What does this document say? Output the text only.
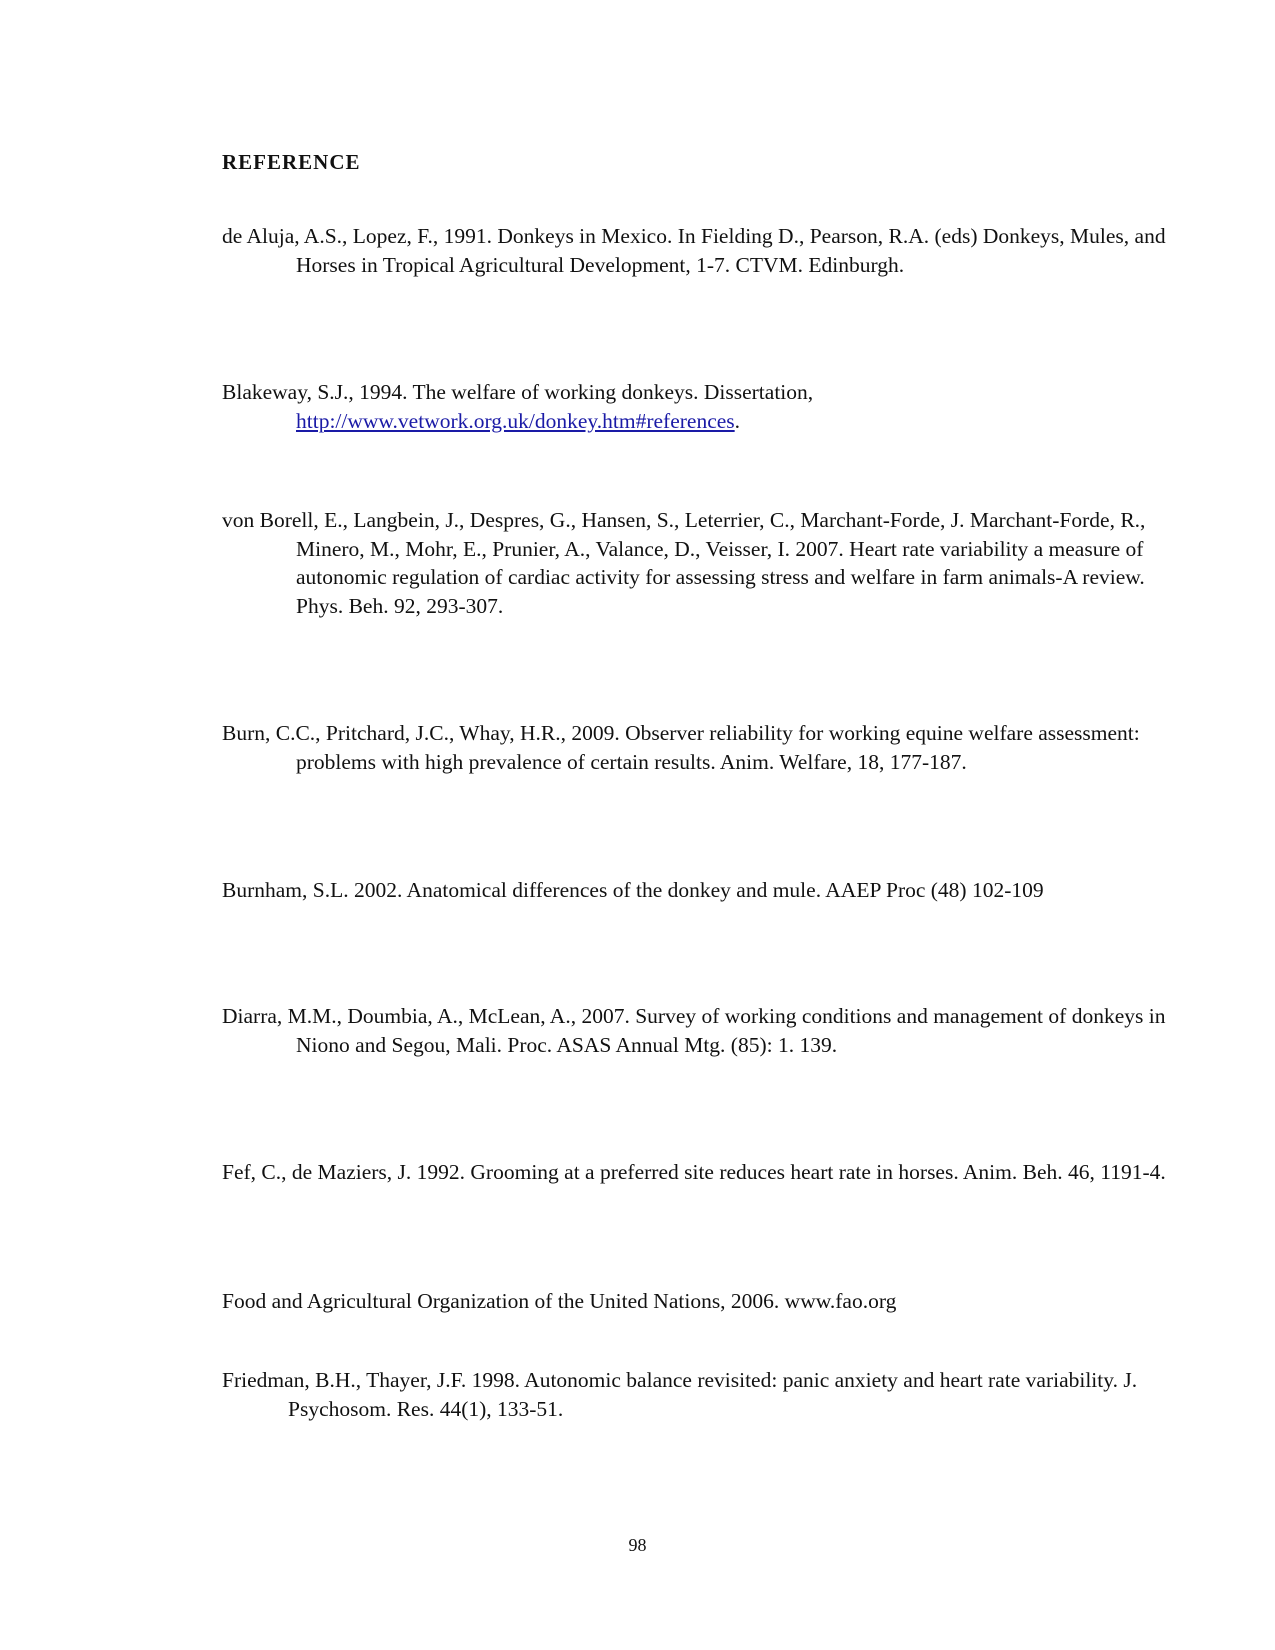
REFERENCE

de Aluja, A.S., Lopez, F., 1991. Donkeys in Mexico. In Fielding D., Pearson, R.A. (eds) Donkeys, Mules, and Horses in Tropical Agricultural Development, 1-7. CTVM. Edinburgh.

Blakeway, S.J., 1994. The welfare of working donkeys. Dissertation, http://www.vetwork.org.uk/donkey.htm#references.

von Borell, E., Langbein, J., Despres, G., Hansen, S., Leterrier, C., Marchant-Forde, J. Marchant-Forde, R., Minero, M., Mohr, E., Prunier, A., Valance, D., Veisser, I. 2007. Heart rate variability a measure of autonomic regulation of cardiac activity for assessing stress and welfare in farm animals-A review. Phys. Beh. 92, 293-307.

Burn, C.C., Pritchard, J.C., Whay, H.R., 2009. Observer reliability for working equine welfare assessment: problems with high prevalence of certain results. Anim. Welfare, 18, 177-187.

Burnham, S.L. 2002. Anatomical differences of the donkey and mule. AAEP Proc (48) 102-109

Diarra, M.M., Doumbia, A., McLean, A., 2007. Survey of working conditions and management of donkeys in Niono and Segou, Mali. Proc. ASAS Annual Mtg. (85): 1. 139.

Fef, C., de Maziers, J. 1992. Grooming at a preferred site reduces heart rate in horses. Anim. Beh. 46, 1191-4.

Food and Agricultural Organization of the United Nations, 2006. www.fao.org

Friedman, B.H., Thayer, J.F. 1998. Autonomic balance revisited: panic anxiety and heart rate variability. J. Psychosom. Res. 44(1), 133-51.

98
